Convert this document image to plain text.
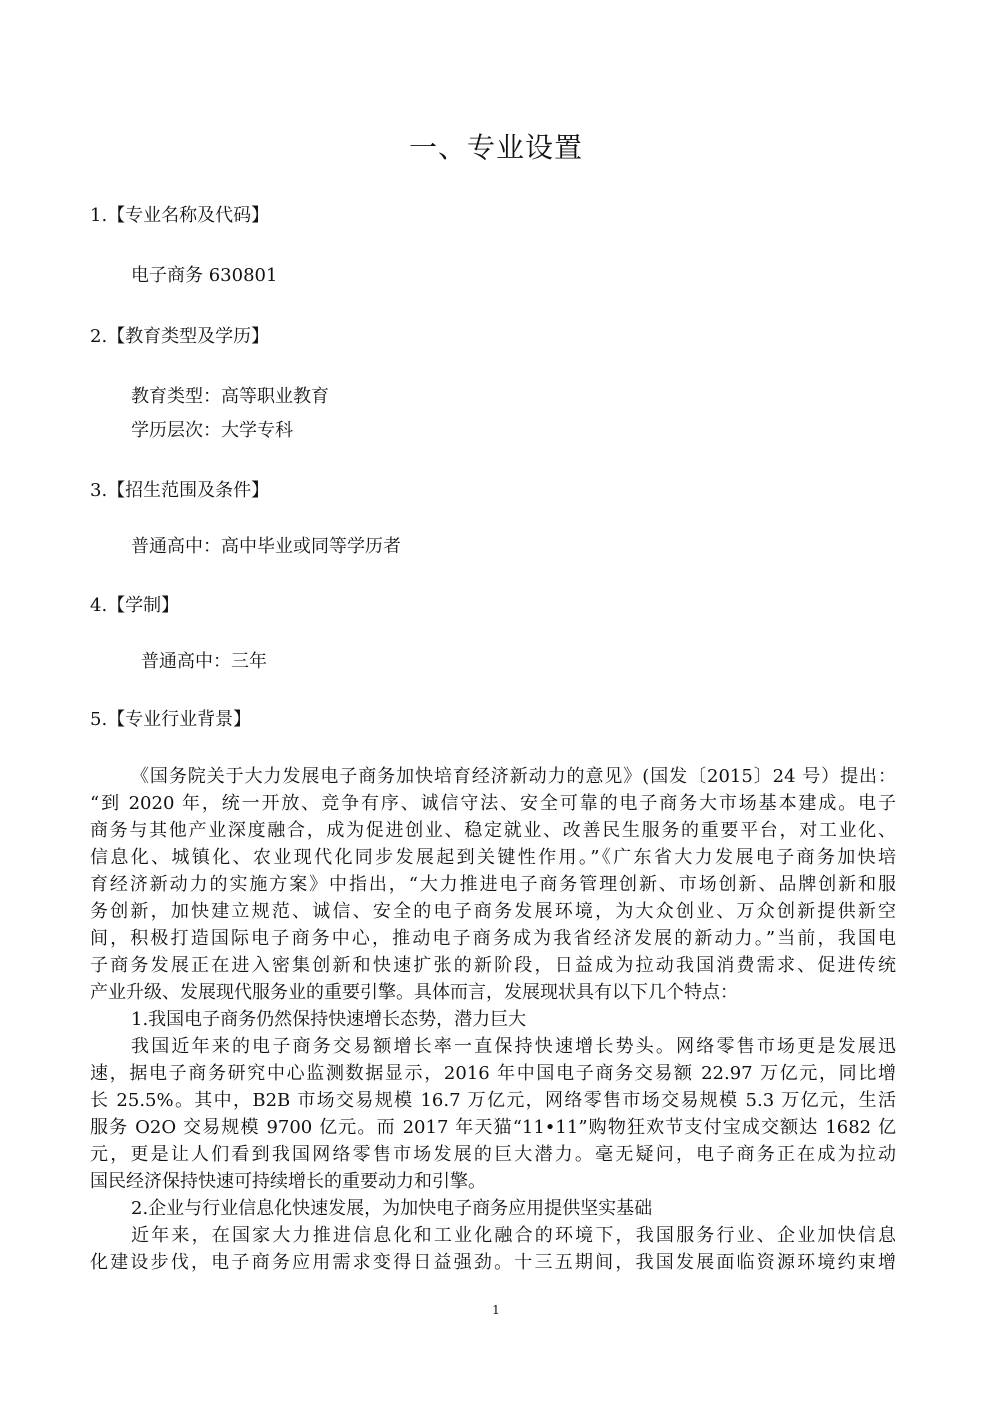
一、专业设置
1.【专业名称及代码】
电子商务 630801
2.【教育类型及学历】
教育类型：高等职业教育
学历层次：大学专科
3.【招生范围及条件】
普通高中：高中毕业或同等学历者
4.【学制】
普通高中：三年
5.【专业行业背景】
《国务院关于大力发展电子商务加快培育经济新动力的意见》(国发〔2015〕24 号）提出：
“到 2020 年，统一开放、竞争有序、诚信守法、安全可靠的电子商务大市场基本建成。电子
商务与其他产业深度融合，成为促进创业、稳定就业、改善民生服务的重要平台，对工业化、
信息化、城镇化、农业现代化同步发展起到关键性作用。”《广东省大力发展电子商务加快培
育经济新动力的实施方案》中指出，“大力推进电子商务管理创新、市场创新、品牌创新和服
务创新，加快建立规范、诚信、安全的电子商务发展环境，为大众创业、万众创新提供新空
间，积极打造国际电子商务中心，推动电子商务成为我省经济发展的新动力。”当前，我国电
子商务发展正在进入密集创新和快速扩张的新阶段，日益成为拉动我国消费需求、促进传统
产业升级、发展现代服务业的重要引擎。具体而言，发展现状具有以下几个特点：
1.我国电子商务仍然保持快速增长态势，潜力巨大
我国近年来的电子商务交易额增长率一直保持快速增长势头。网络零售市场更是发展迅
速，据电子商务研究中心监测数据显示，2016 年中国电子商务交易额 22.97 万亿元，同比增
长 25.5%。其中，B2B 市场交易规模 16.7 万亿元，网络零售市场交易规模 5.3 万亿元，生活
服务 O2O 交易规模 9700 亿元。而 2017 年天猫“11•11”购物狂欢节支付宝成交额达 1682 亿
元，更是让人们看到我国网络零售市场发展的巨大潜力。毫无疑问，电子商务正在成为拉动
国民经济保持快速可持续增长的重要动力和引擎。
2.企业与行业信息化快速发展，为加快电子商务应用提供坚实基础
近年来，在国家大力推进信息化和工业化融合的环境下，我国服务行业、企业加快信息
化建设步伐，电子商务应用需求变得日益强劲。十三五期间，我国发展面临资源环境约束增
1
